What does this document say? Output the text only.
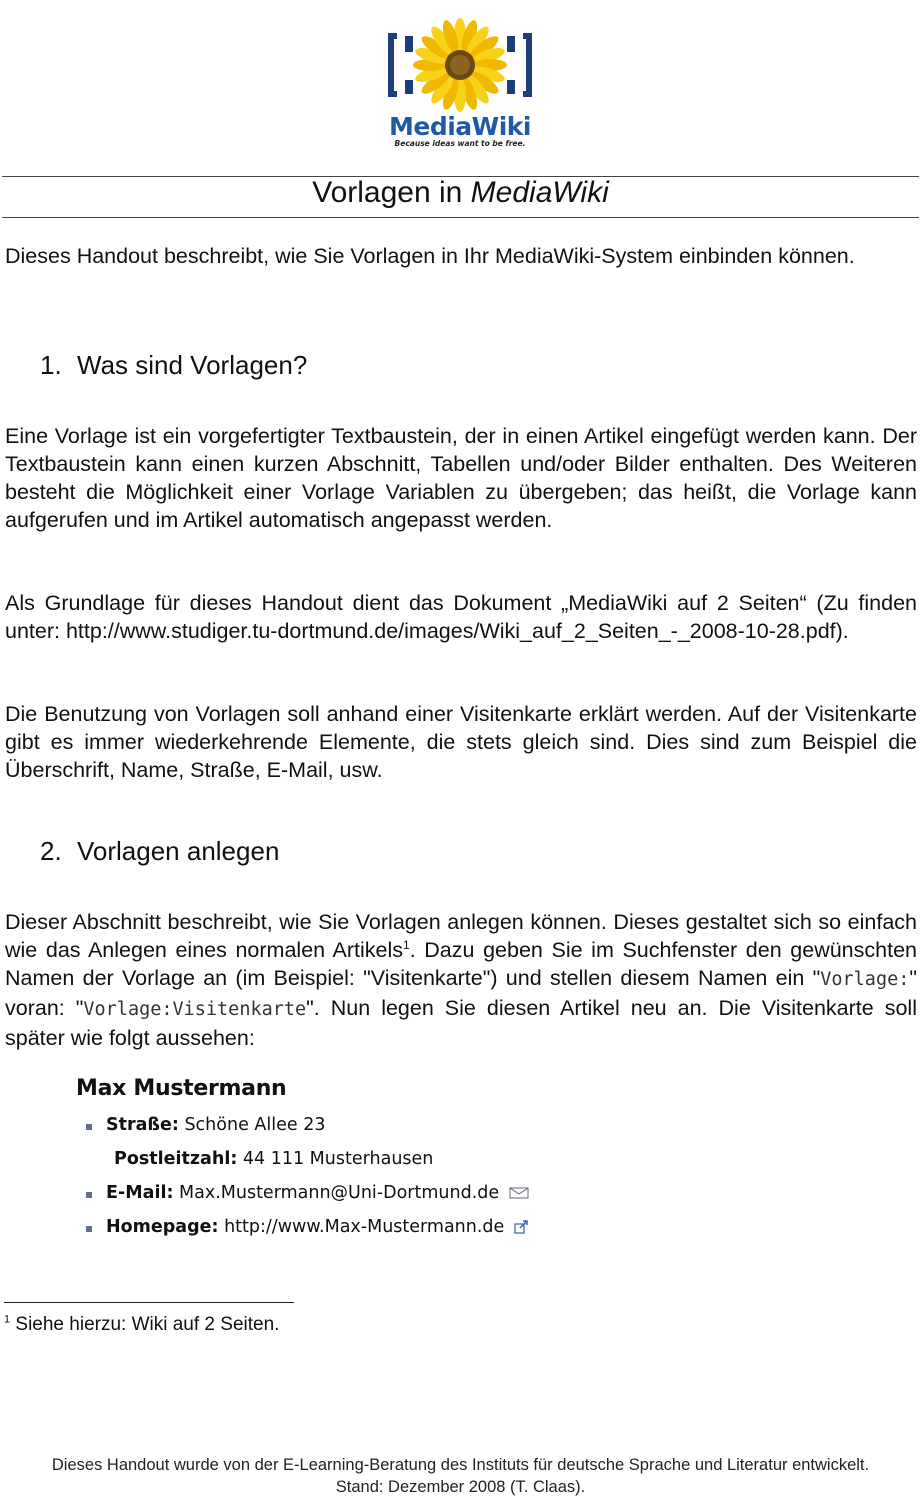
MediaWiki
Because ideas want to be free.
Vorlagen in MediaWiki
Dieses Handout beschreibt, wie Sie Vorlagen in Ihr MediaWiki-System einbinden können.
1. Was sind Vorlagen?
Eine Vorlage ist ein vorgefertigter Textbaustein, der in einen Artikel eingefügt werden kann. Der Textbaustein kann einen kurzen Abschnitt, Tabellen und/oder Bilder enthalten. Des Weiteren besteht die Möglichkeit einer Vorlage Variablen zu übergeben; das heißt, die Vorlage kann aufgerufen und im Artikel automatisch angepasst werden.
Als Grundlage für dieses Handout dient das Dokument „MediaWiki auf 2 Seiten“ (Zu finden unter: http://www.studiger.tu-dortmund.de/images/Wiki_auf_2_Seiten_-_2008-10-28.pdf).
Die Benutzung von Vorlagen soll anhand einer Visitenkarte erklärt werden. Auf der Visitenkarte gibt es immer wiederkehrende Elemente, die stets gleich sind. Dies sind zum Beispiel die Überschrift, Name, Straße, E-Mail, usw.
2. Vorlagen anlegen
Dieser Abschnitt beschreibt, wie Sie Vorlagen anlegen können. Dieses gestaltet sich so einfach wie das Anlegen eines normalen Artikels$^1$. Dazu geben Sie im Suchfenster den gewünschten Namen der Vorlage an (im Beispiel: "Visitenkarte") und stellen diesem Namen ein "Vorlage:" voran: "Vorlage:Visitenkarte". Nun legen Sie diesen Artikel neu an. Die Visitenkarte soll später wie folgt aussehen:
Max Mustermann
Straße: Schöne Allee 23
Postleitzahl: 44 111 Musterhausen
E-Mail: Max.Mustermann@Uni-Dortmund.de
Homepage: http://www.Max-Mustermann.de
$^1$ Siehe hierzu: Wiki auf 2 Seiten.
Dieses Handout wurde von der E-Learning-Beratung des Instituts für deutsche Sprache und Literatur entwickelt.
Stand: Dezember 2008 (T. Claas).
